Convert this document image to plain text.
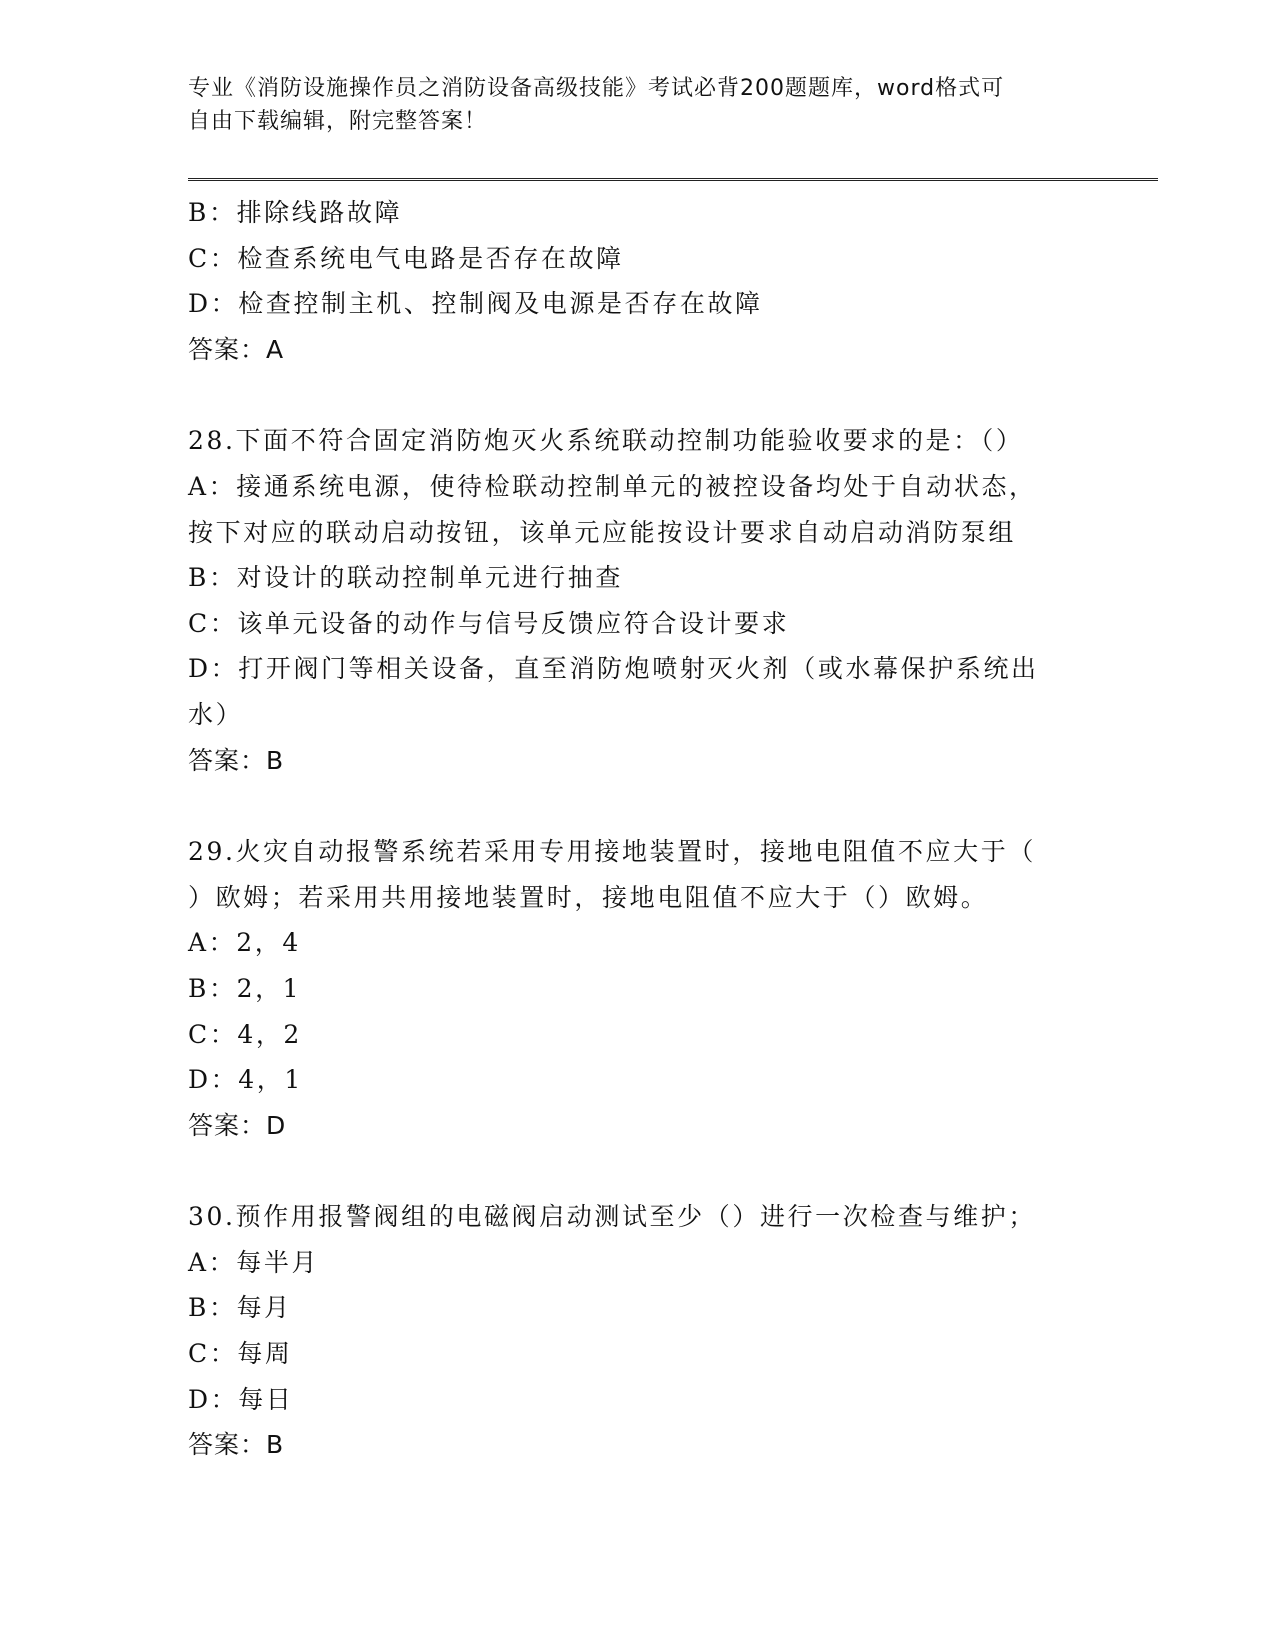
专业《消防设施操作员之消防设备高级技能》考试必背200题题库，word格式可
自由下载编辑，附完整答案！
B：排除线路故障
C：检查系统电气电路是否存在故障
D：检查控制主机、控制阀及电源是否存在故障
答案：A
28.下面不符合固定消防炮灭火系统联动控制功能验收要求的是：（）
A：接通系统电源，使待检联动控制单元的被控设备均处于自动状态，
按下对应的联动启动按钮，该单元应能按设计要求自动启动消防泵组
B：对设计的联动控制单元进行抽查
C：该单元设备的动作与信号反馈应符合设计要求
D：打开阀门等相关设备，直至消防炮喷射灭火剂（或水幕保护系统出
水）
答案：B
29.火灾自动报警系统若采用专用接地装置时，接地电阻值不应大于（
）欧姆；若采用共用接地装置时，接地电阻值不应大于（）欧姆。
A：2，4
B：2，1
C：4，2
D：4，1
答案：D
30.预作用报警阀组的电磁阀启动测试至少（）进行一次检查与维护；
A：每半月
B：每月
C：每周
D：每日
答案：B
